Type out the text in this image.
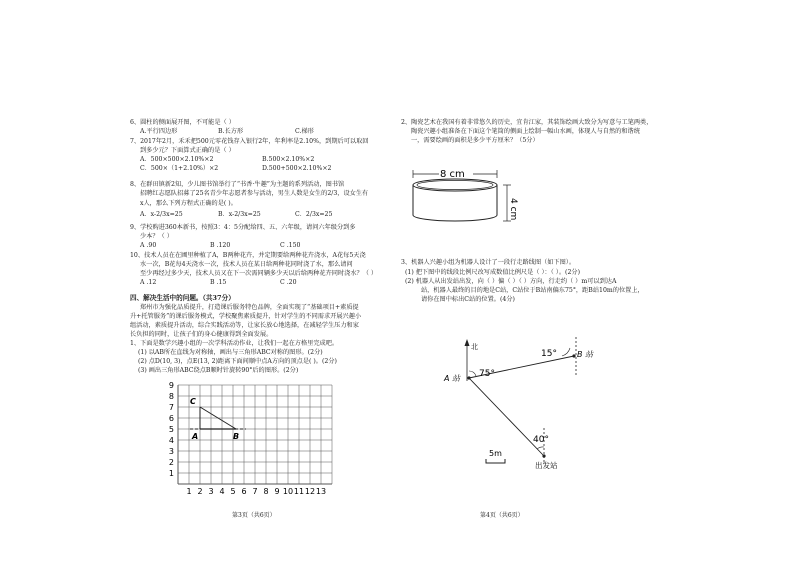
6、圆柱的侧面展开图，不可能是（ ）
A.平行四边形	B.长方形	C.梯形
7、2017年2月，禾禾把500元零花钱存入银行2年，年利率是2.10%，到期后可以取回
到多少元？下面算式正确的是（ ）
A．500×500×2.10%×2	B.500×2.10%×2
C．500×（1+2.10%）×2	D.500+500×2.10%×2
8、在群田镇新2知，少儿图书馆举行了“书香·牛趣”为主题的系列活动，图书馆
招聘红志愿队招募了25名青少年志愿者参与活动，男生人数是女生的2/3，设女生有
x人，那么下列方程式正确的是( )。
A．x-2/3x=25	B．x-2/3x=25	C．2/3x=25
9、学校购进360本新书，按照3：4：5分配给四、五、六年级，请问六年级分到多
少本？（ ）
A .90	B .120	C .150
10、技术人员在在圃里种植了A，B两种花卉，并定期要给两种花卉浇水，A花每5天浇
水一次，B花每4天浇水一次，技术人员在某日给两种花同时浇了水，那么请问
至少再经过多少天，技术人员又在下一次需同辆多少天以后给两种花卉同时浇水？（ ）
A .12	B .15	C .20
四、解决生活中的问题。（共37分）
郑州市为强化品质提升，打造课后服务特色品牌，全面实现了“基础项目+素质提
升+托管服务”的课后服务模式，学校聚焦素质提升，针对学生的不同需求开展兴趣小
组活动，素质提升活动，综合实践活动等，让家长放心地选择，在减轻学生压力和家
长负担的同时，让孩子们的身心健康得到全面发展。
1、下面是数学兴趣小组的一次学科活动作业，让我们一起在方格里完成吧。
(1) 以AB所在直线为对称轴，画出与三角形ABC对称的图形。(2分)
(2) 点D(10, 3)，点E(13, 2)距离下面间顺中点A方向的顶点是( )。(2分)
(3) 画出三角形ABC绕点B顺时针旋转90°后的图形。(2分)
1 2 3 4 5 6 7 8 9 10 11 12 13
1
2
3
4
5
6
7
8
9
C
A	B
第3页（共6页）
2、陶瓷艺术在我国有着非常悠久的历史，宜肯江家，其装饰绘画大致分为写意与工笔两类，
陶瓷兴趣小组准备在下面这个笔筒的侧面上绘制一幅山水画，体现人与自然的和谐统
一，需要绘画的面积是多少平方厘米？（5分）
8 cm
4 cm
3、机器人兴趣小组为机器人设计了一段行走路线图（如下图）。
(1) 把下图中的线段比例尺改写成数值比例尺是（ ）：（ ）。(2分)
(2) 机器人从出发站出发，向（ ）偏（ ）（ ）方向，行走约（ ）m可以到达A
站，机器人最终的目的地是C站，C站位于B站南偏东75°，距B站10m的位置上，
请你在图中标出C站的位置。(4分)
北
A 站
B 站
15°
75°
40°
出发站
5m
第4页（共6页）
